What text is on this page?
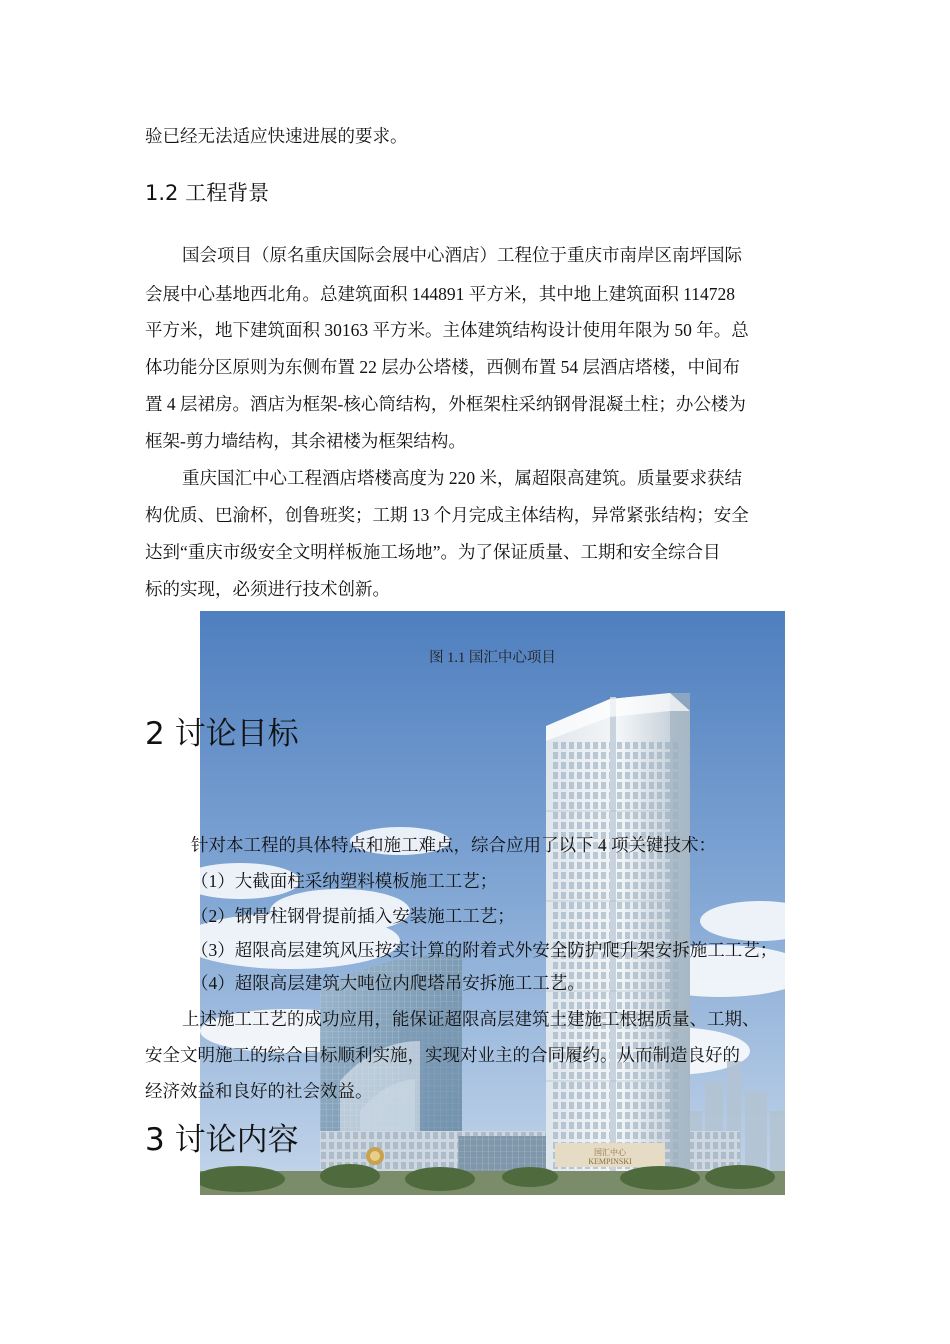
验已经无法适应快速进展的要求。
1.2 工程背景
国会项目（原名重庆国际会展中心酒店）工程位于重庆市南岸区南坪国际
会展中心基地西北角。总建筑面积 144891 平方米，其中地上建筑面积 114728
平方米，地下建筑面积 30163 平方米。主体建筑结构设计使用年限为 50 年。总
体功能分区原则为东侧布置 22 层办公塔楼，西侧布置 54 层酒店塔楼，中间布
置 4 层裙房。酒店为框架-核心筒结构，外框架柱采纳钢骨混凝土柱；办公楼为
框架-剪力墙结构，其余裙楼为框架结构。
重庆国汇中心工程酒店塔楼高度为 220 米，属超限高建筑。质量要求获结
构优质、巴渝杯，创鲁班奖；工期 13 个月完成主体结构，异常紧张结构；安全
达到“重庆市级安全文明样板施工场地”。为了保证质量、工期和安全综合目
标的实现，必须进行技术创新。
国汇中心
KEMPINSKI
图 1.1 国汇中心项目
2 讨论目标
针对本工程的具体特点和施工难点，综合应用了以下 4 项关键技术：
（1）大截面柱采纳塑料模板施工工艺；
（2）钢骨柱钢骨提前插入安装施工工艺；
（3）超限高层建筑风压按实计算的附着式外安全防护爬升架安拆施工工艺；
（4）超限高层建筑大吨位内爬塔吊安拆施工工艺。
上述施工工艺的成功应用，能保证超限高层建筑土建施工根据质量、工期、
安全文明施工的综合目标顺利实施，实现对业主的合同履约。从而制造良好的
经济效益和良好的社会效益。
3 讨论内容
